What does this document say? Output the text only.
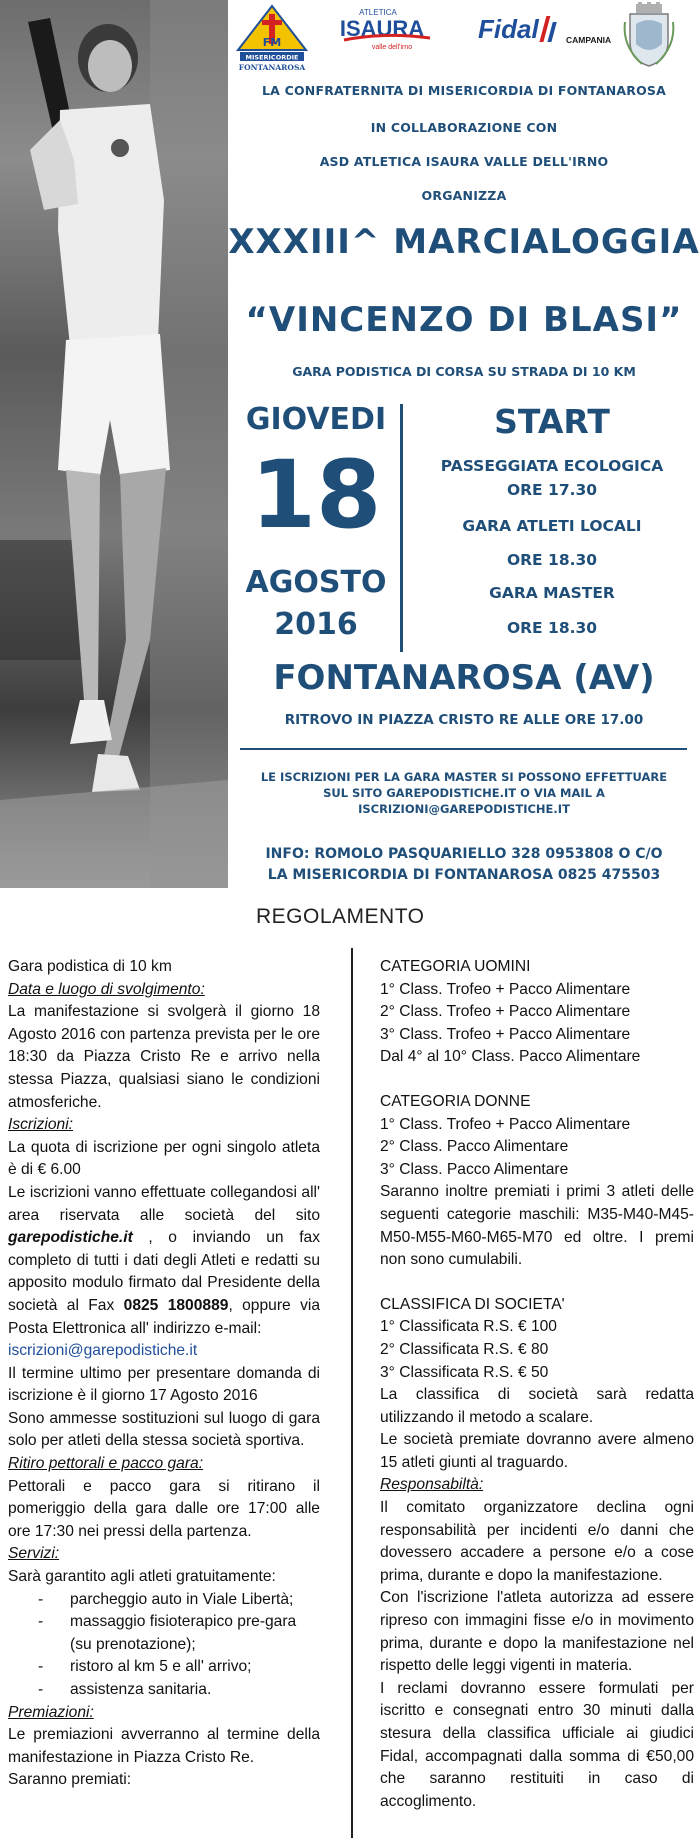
FM
MISERICORDIE
FONTANAROSA
ATLETICA
ISAURA
valle dell'irno
Fidal	CAMPANIA
LA CONFRATERNITA DI MISERICORDIA DI FONTANAROSA
IN COLLABORAZIONE CON
ASD ATLETICA ISAURA VALLE DELL'IRNO
ORGANIZZA
XXXIII^ MARCIALOGGIA
“VINCENZO DI BLASI”
GARA PODISTICA DI CORSA SU STRADA DI 10 KM
GIOVEDI
18
AGOSTO
2016
START
PASSEGGIATA ECOLOGICA
ORE 17.30
GARA ATLETI LOCALI
ORE 18.30
GARA MASTER
ORE 18.30
FONTANAROSA (AV)
RITROVO IN PIAZZA CRISTO RE ALLE ORE 17.00
LE ISCRIZIONI PER LA GARA MASTER SI POSSONO EFFETTUARE
SUL SITO GAREPODISTICHE.IT O VIA MAIL A
ISCRIZIONI@GAREPODISTICHE.IT
INFO: ROMOLO PASQUARIELLO 328 0953808 O C/O
LA MISERICORDIA DI FONTANAROSA 0825 475503
REGOLAMENTO

Gara podistica di 10 km

Data e luogo di svolgimento:

La manifestazione si svolgerà il giorno 18 Agosto 2016 con partenza prevista per le ore 18:30 da Piazza Cristo Re e arrivo nella stessa Piazza, qualsiasi siano le condizioni atmosferiche.

Iscrizioni:

La quota di iscrizione per ogni singolo atleta è di € 6.00

Le iscrizioni vanno effettuate collegandosi all' area riservata alle società del sito garepodistiche.it , o inviando un fax completo di tutti i dati degli Atleti e redatti su apposito modulo firmato dal Presidente della società al Fax 0825 1800889, oppure via Posta Elettronica all' indirizzo e-mail:

iscrizioni@garepodistiche.it

Il termine ultimo per presentare domanda di iscrizione è il giorno 17 Agosto 2016

Sono ammesse sostituzioni sul luogo di gara solo per atleti della stessa società sportiva.

Ritiro pettorali e pacco gara:

Pettorali e pacco gara si ritirano il pomeriggio della gara dalle ore 17:00 alle ore 17:30 nei pressi della partenza.

Servizi:

Sarà garantito agli atleti gratuitamente:

- parcheggio auto in Viale Libertà;

- massaggio fisioterapico pre-gara

(su prenotazione);

- ristoro al km 5 e all' arrivo;

- assistenza sanitaria.

Premiazioni:

Le premiazioni avverranno al termine della manifestazione in Piazza Cristo Re.

Saranno premiati:

CATEGORIA UOMINI

1° Class. Trofeo + Pacco Alimentare

2° Class. Trofeo + Pacco Alimentare

3° Class. Trofeo + Pacco Alimentare

Dal 4° al 10° Class. Pacco Alimentare

CATEGORIA DONNE

1° Class. Trofeo + Pacco Alimentare

2° Class. Pacco Alimentare

3° Class. Pacco Alimentare

Saranno inoltre premiati i primi 3 atleti delle seguenti categorie maschili: M35-M40-M45-M50-M55-M60-M65-M70 ed oltre. I premi non sono cumulabili.

CLASSIFICA DI SOCIETA'

1° Classificata R.S. € 100

2° Classificata R.S. € 80

3° Classificata R.S. € 50

La classifica di società sarà redatta utilizzando il metodo a scalare.

Le società premiate dovranno avere almeno 15 atleti giunti al traguardo.

Responsabiltà:

Il comitato organizzatore declina ogni responsabilità per incidenti e/o danni che dovessero accadere a persone e/o a cose prima, durante e dopo la manifestazione.

Con l'iscrizione l'atleta autorizza ad essere ripreso con immagini fisse e/o in movimento prima, durante e dopo la manifestazione nel rispetto delle leggi vigenti in materia.

I reclami dovranno essere formulati per iscritto e consegnati entro 30 minuti dalla stesura della classifica ufficiale ai giudici Fidal, accompagnati dalla somma di €50,00 che saranno restituiti in caso di accoglimento.
